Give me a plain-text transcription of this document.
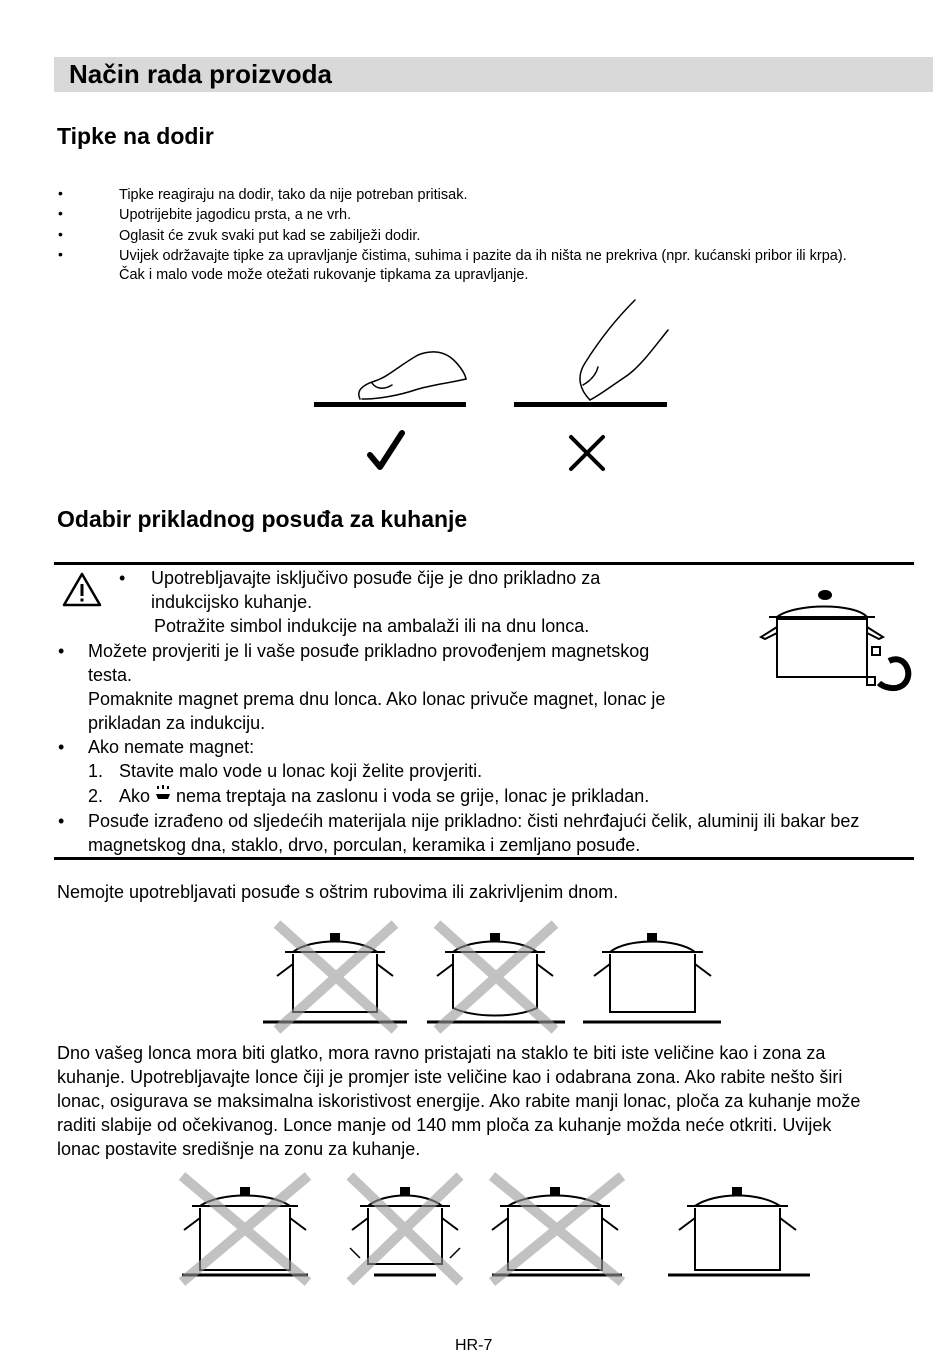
Način rada proizvoda
Tipke na dodir
•	Tipke reagiraju na dodir, tako da nije potreban pritisak.
•	Upotrijebite jagodicu prsta, a ne vrh.
•	Oglasit će zvuk svaki put kad se zabilježi dodir.
•	Uvijek održavajte tipke za upravljanje čistima, suhima i pazite da ih ništa ne prekriva (npr. kućanski pribor ili krpa).
Čak i malo vode može otežati rukovanje tipkama za upravljanje.
Odabir prikladnog posuđa za kuhanje
• Upotrebljavajte isključivo posuđe čije je dno prikladno za
indukcijsko kuhanje.
Potražite simbol indukcije na ambalaži ili na dnu lonca.
• Možete provjeriti je li vaše posuđe prikladno provođenjem magnetskog
testa.
Pomaknite magnet prema dnu lonca. Ako lonac privuče magnet, lonac je
prikladan za indukciju.
• Ako nemate magnet:
1. Stavite malo vode u lonac koji želite provjeriti.
2. Ako nema treptaja na zaslonu i voda se grije, lonac je prikladan.
• Posuđe izrađeno od sljedećih materijala nije prikladno: čisti nehrđajući čelik, aluminij ili bakar bez
magnetskog dna, staklo, drvo, porculan, keramika i zemljano posuđe.
Nemojte upotrebljavati posuđe s oštrim rubovima ili zakrivljenim dnom.
Dno vašeg lonca mora biti glatko, mora ravno pristajati na staklo te biti iste veličine kao i zona za
kuhanje. Upotrebljavajte lonce čiji je promjer iste veličine kao i odabrana zona. Ako rabite nešto širi
lonac, osigurava se maksimalna iskoristivost energije. Ako rabite manji lonac, ploča za kuhanje može
raditi slabije od očekivanog. Lonce manje od 140 mm ploča za kuhanje možda neće otkriti. Uvijek
lonac postavite središnje na zonu za kuhanje.
HR-7
